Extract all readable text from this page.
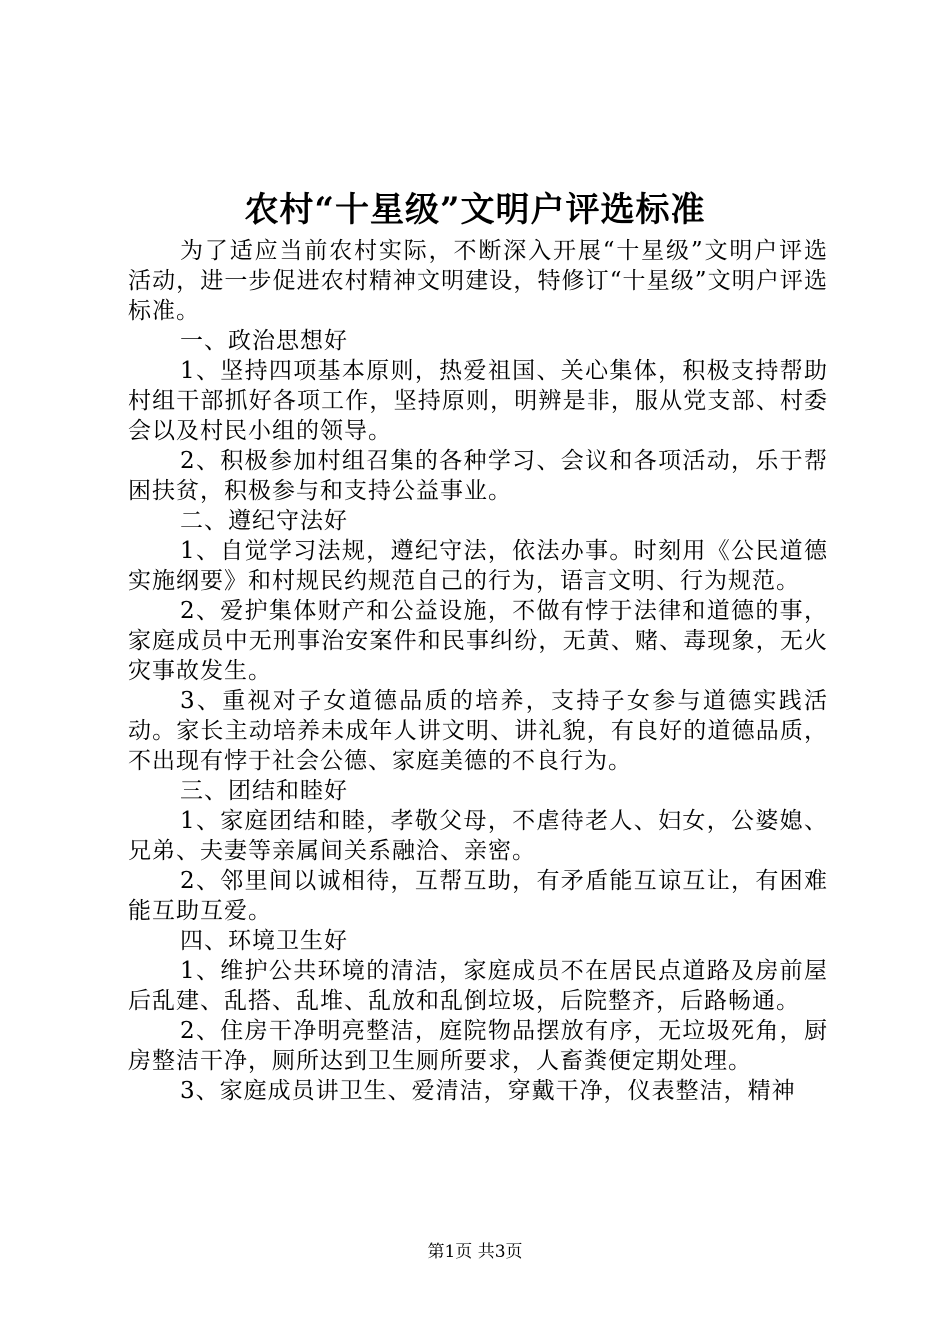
农村“十星级”文明户评选标准

为了适应当前农村实际，不断深入开展“十星级”文明户评选活动，进一步促进农村精神文明建设，特修订“十星级”文明户评选标准。

一、政治思想好

1、坚持四项基本原则，热爱祖国、关心集体，积极支持帮助村组干部抓好各项工作，坚持原则，明辨是非，服从党支部、村委会以及村民小组的领导。

2、积极参加村组召集的各种学习、会议和各项活动，乐于帮困扶贫，积极参与和支持公益事业。

二、遵纪守法好

1、自觉学习法规，遵纪守法，依法办事。时刻用《公民道德实施纲要》和村规民约规范自己的行为，语言文明、行为规范。

2、爱护集体财产和公益设施，不做有悖于法律和道德的事，家庭成员中无刑事治安案件和民事纠纷，无黄、赌、毒现象，无火灾事故发生。

3、重视对子女道德品质的培养，支持子女参与道德实践活动。家长主动培养未成年人讲文明、讲礼貌，有良好的道德品质，不出现有悖于社会公德、家庭美德的不良行为。

三、团结和睦好

1、家庭团结和睦，孝敬父母，不虐待老人、妇女，公婆媳、兄弟、夫妻等亲属间关系融洽、亲密。

2、邻里间以诚相待，互帮互助，有矛盾能互谅互让，有困难能互助互爱。

四、环境卫生好

1、维护公共环境的清洁，家庭成员不在居民点道路及房前屋后乱建、乱搭、乱堆、乱放和乱倒垃圾，后院整齐，后路畅通。

2、住房干净明亮整洁，庭院物品摆放有序，无垃圾死角，厨房整洁干净，厕所达到卫生厕所要求，人畜粪便定期处理。

3、家庭成员讲卫生、爱清洁，穿戴干净，仪表整洁，精神

第1页 共3页
